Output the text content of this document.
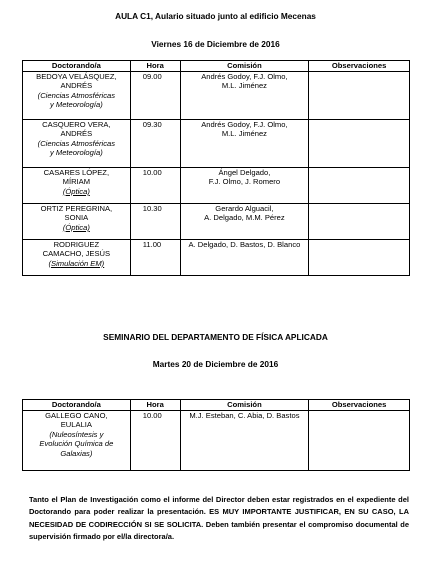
AULA C1, Aulario situado junto al edificio Mecenas
Viernes 16 de Diciembre de 2016
Doctorando/a	Hora	Comisión	Observaciones

BEDOYA VELÁSQUEZ,
ANDRÉS
(Ciencias Atmosféricas
y Meteorología)	09.00	Andrés Godoy, F.J. Olmo,
M.L. Jiménez	

CASQUERO VERA,
ANDRÉS
(Ciencias Atmosféricas
y Meteorología)	09.30	Andrés Godoy, F.J. Olmo,
M.L. Jiménez	

CASARES LÓPEZ,
MÍRIAM
(Óptica)	10.00	Ángel Delgado,
F.J. Olmo, J. Romero	

ORTIZ PEREGRINA,
SONIA
(Óptica)	10.30	Gerardo Alguacil,
A. Delgado, M.M. Pérez	

RODRIGUEZ
CAMACHO, JESÚS
(Simulación EM)	11.00	A. Delgado, D. Bastos, D. Blanco	

SEMINARIO DEL DEPARTAMENTO DE FÍSICA APLICADA
Martes 20 de Diciembre de 2016
Doctorando/a	Hora	Comisión	Observaciones

GALLEGO CANO,
EULALIA
(Nuleosíntesis y
Evolución Química de
Galaxias)	10.00	M.J. Esteban, C. Abia, D. Bastos	

Tanto el Plan de Investigación como el informe del Director deben estar registrados en el expediente del Doctorando para poder realizar la presentación. ES MUY IMPORTANTE JUSTIFICAR, EN SU CASO, LA NECESIDAD DE CODIRECCIÓN SI SE SOLICITA. Deben también presentar el compromiso documental de supervisión firmado por el/la directora/a.
